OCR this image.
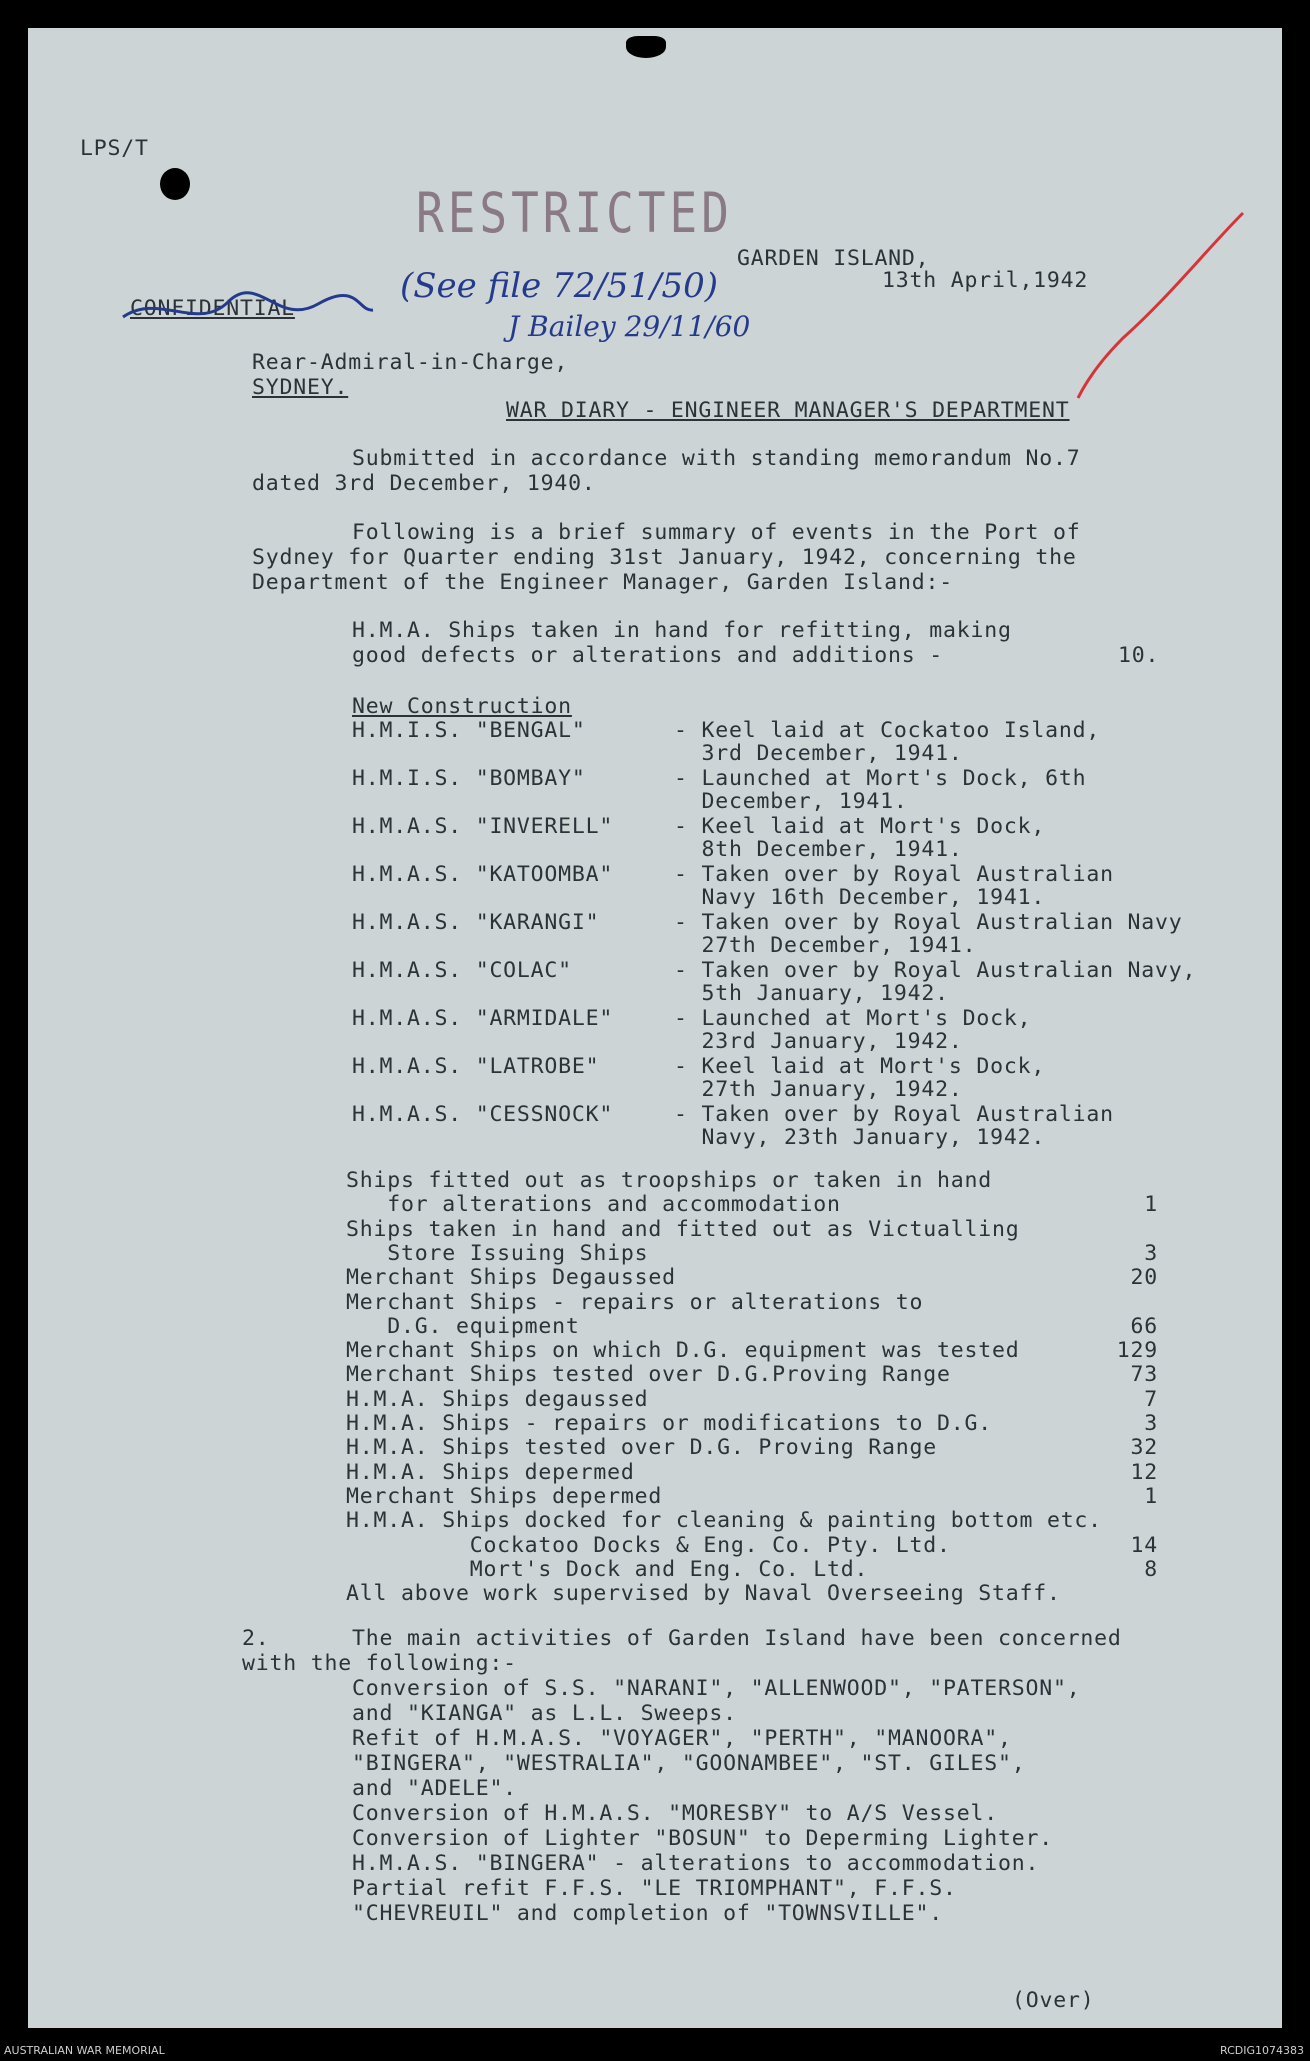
LPS/T
RESTRICTED
GARDEN ISLAND,
13th April,1942
CONFIDENTIAL
(See file 72/51/50)
J Bailey 29/11/60
Rear-Admiral-in-Charge,
SYDNEY.
WAR DIARY - ENGINEER MANAGER'S DEPARTMENT
Submitted in accordance with standing memorandum No.7
dated 3rd December, 1940.
Following is a brief summary of events in the Port of
Sydney for Quarter ending 31st January, 1942, concerning the
Department of the Engineer Manager, Garden Island:-
H.M.A. Ships taken in hand for refitting, making
good defects or alterations and additions -	10.
New Construction
H.M.I.S. "BENGAL"	- Keel laid at Cockatoo Island,
3rd December, 1941.
H.M.I.S. "BOMBAY"	- Launched at Mort's Dock, 6th
December, 1941.
H.M.A.S. "INVERELL"	- Keel laid at Mort's Dock,
8th December, 1941.
H.M.A.S. "KATOOMBA"	- Taken over by Royal Australian
Navy 16th December, 1941.
H.M.A.S. "KARANGI"	- Taken over by Royal Australian Navy
27th December, 1941.
H.M.A.S. "COLAC"	- Taken over by Royal Australian Navy,
5th January, 1942.
H.M.A.S. "ARMIDALE"	- Launched at Mort's Dock,
23rd January, 1942.
H.M.A.S. "LATROBE"	- Keel laid at Mort's Dock,
27th January, 1942.
H.M.A.S. "CESSNOCK"	- Taken over by Royal Australian
Navy, 23th January, 1942.
Ships fitted out as troopships or taken in hand
for alterations and accommodation	1
Ships taken in hand and fitted out as Victualling
Store Issuing Ships	3
Merchant Ships Degaussed	20
Merchant Ships - repairs or alterations to
D.G. equipment	66
Merchant Ships on which D.G. equipment was tested	129
Merchant Ships tested over D.G.Proving Range	73
H.M.A. Ships degaussed	7
H.M.A. Ships - repairs or modifications to D.G.	3
H.M.A. Ships tested over D.G. Proving Range	32
H.M.A. Ships depermed	12
Merchant Ships depermed	1
H.M.A. Ships docked for cleaning & painting bottom etc.
Cockatoo Docks & Eng. Co. Pty. Ltd.	14
Mort's Dock and Eng. Co. Ltd.	8
All above work supervised by Naval Overseeing Staff.
2.	The main activities of Garden Island have been concerned
with the following:-
Conversion of S.S. "NARANI", "ALLENWOOD", "PATERSON",
and "KIANGA" as L.L. Sweeps.
Refit of H.M.A.S. "VOYAGER", "PERTH", "MANOORA",
"BINGERA", "WESTRALIA", "GOONAMBEE", "ST. GILES",
and "ADELE".
Conversion of H.M.A.S. "MORESBY" to A/S Vessel.
Conversion of Lighter "BOSUN" to Deperming Lighter.
H.M.A.S. "BINGERA" - alterations to accommodation.
Partial refit F.F.S. "LE TRIOMPHANT", F.F.S.
"CHEVREUIL" and completion of "TOWNSVILLE".
(Over)
AUSTRALIAN WAR MEMORIAL	RCDIG1074383
